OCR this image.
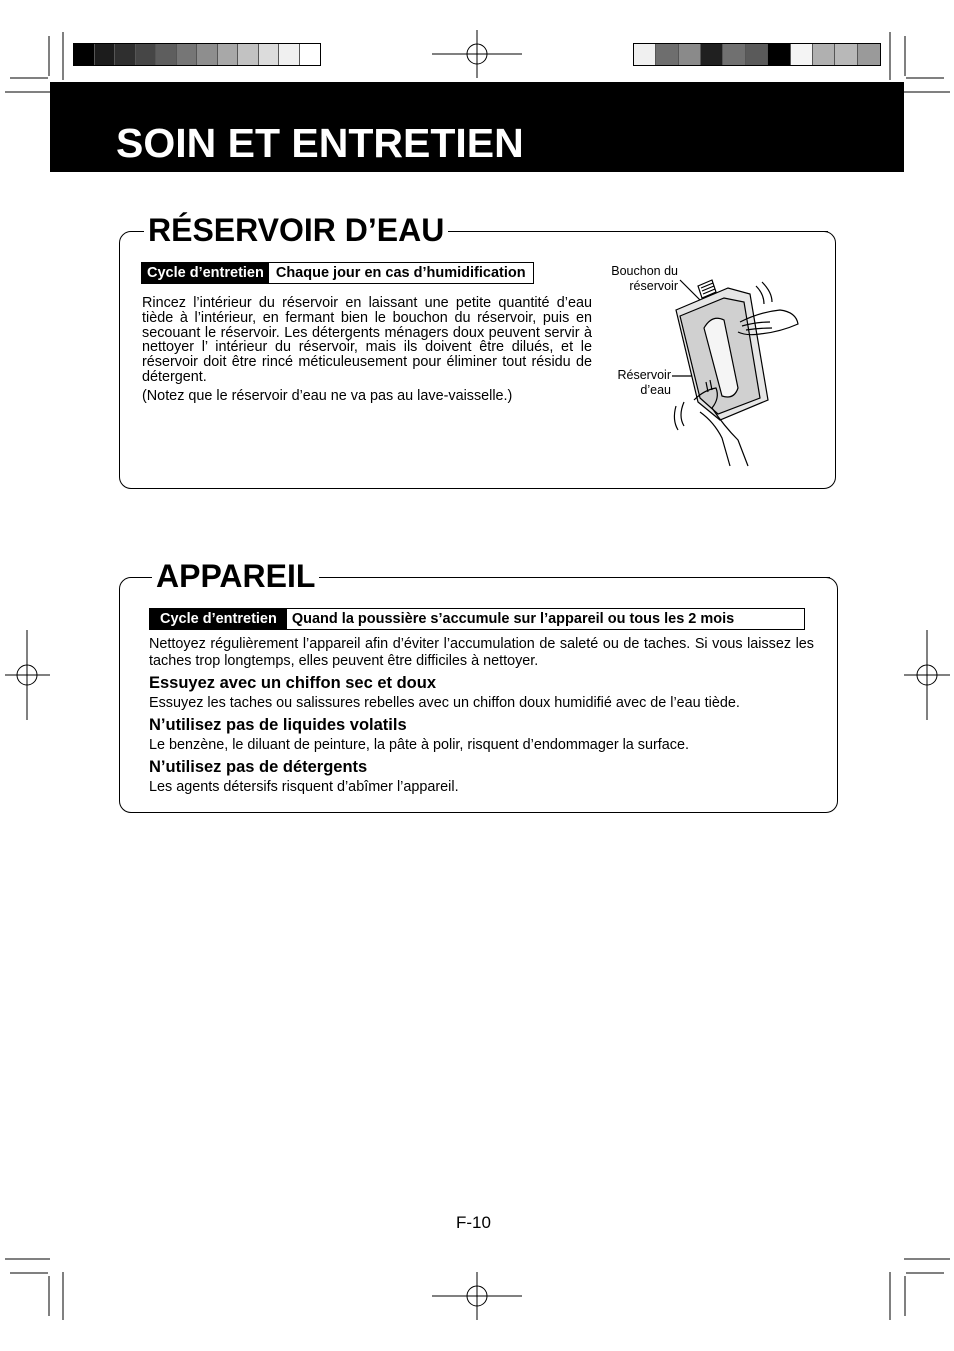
SOIN ET ENTRETIEN
RÉSERVOIR D’EAU
Cycle d’entretien Chaque jour en cas d’humidification
Rincez l’intérieur du réservoir en laissant une petite quantité d’eau tiède à l’intérieur, en fermant bien le bouchon du réservoir, puis en secouant le réservoir. Les détergents ménagers doux peuvent servir à nettoyer l’ intérieur du réservoir, mais ils doivent être dilués, et le réservoir doit être rincé méticuleusement pour éliminer tout résidu de détergent.
(Notez que le réservoir d’eau ne va pas au lave-vaisselle.)
Bouchon du
réservoir
Réservoir
d’eau
APPAREIL
Cycle d’entretien	Quand la poussière s’accumule sur l’appareil ou tous les 2 mois
Nettoyez régulièrement l’appareil afin d’éviter l’accumulation de saleté ou de taches. Si vous laissez les taches trop longtemps, elles peuvent être difficiles à nettoyer.
Essuyez avec un chiffon sec et doux
Essuyez les taches ou salissures rebelles avec un chiffon doux humidifié avec de l’eau tiède.
N’utilisez pas de liquides volatils
Le benzène, le diluant de peinture, la pâte à polir, risquent d’endommager la surface.
N’utilisez pas de détergents
Les agents détersifs risquent d’abîmer l’appareil.
F-10
